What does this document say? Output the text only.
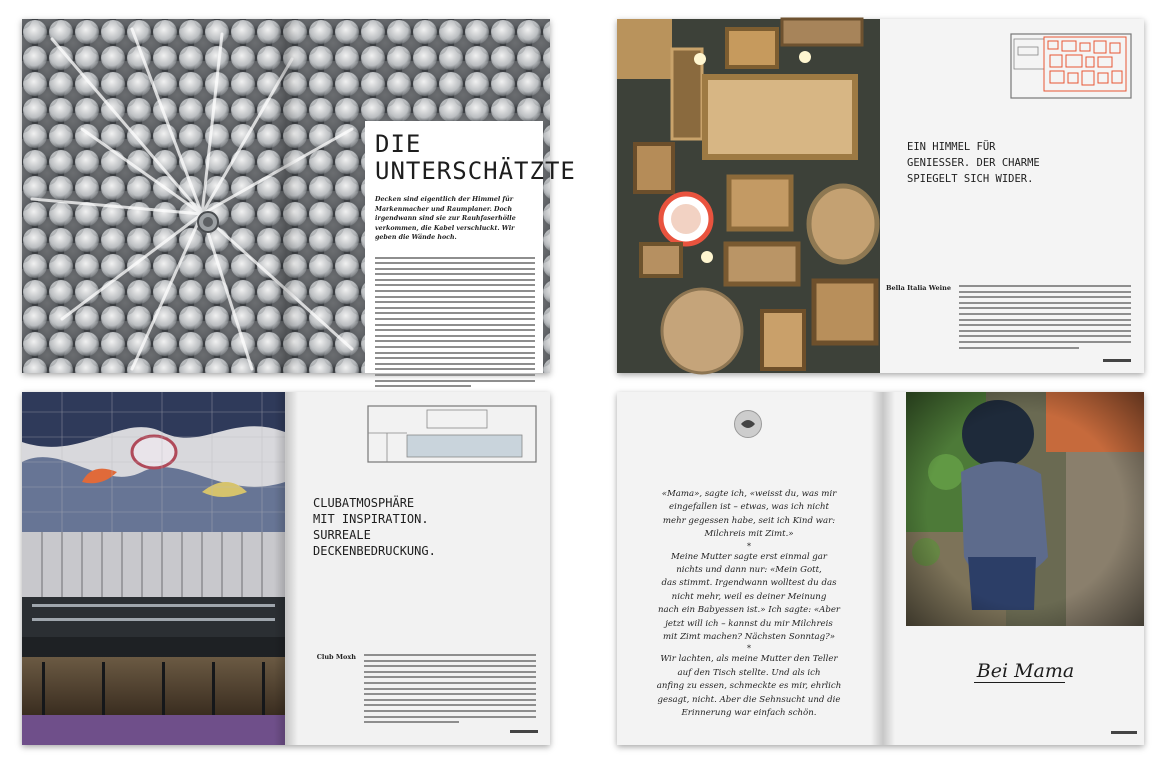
DIE
UNTERSCHÄTZTE
Decken sind eigentlich der Himmel für Markenmacher und Raumplaner. Doch irgendwann sind sie zur Rauhfaserhölle verkommen, die Kabel verschluckt. Wir geben die Wände hoch.
EIN HIMMEL FÜR
GENIESSER. DER CHARME
SPIEGELT SICH WIDER.
Bella Italia Weine
CLUBATMOSPHÄRE
MIT INSPIRATION.
SURREALE
DECKENBEDRUCKUNG.
Club Moxh

«Mama», sagte ich, «weisst du, was mir

eingefallen ist – etwas, was ich nicht

mehr gegessen habe, seit ich Kind war:

Milchreis mit Zimt.»

*

Meine Mutter sagte erst einmal gar

nichts und dann nur: «Mein Gott,

das stimmt. Irgendwann wolltest du das

nicht mehr, weil es deiner Meinung

nach ein Babyessen ist.» Ich sagte: «Aber

jetzt will ich – kannst du mir Milchreis

mit Zimt machen? Nächsten Sonntag?»

*

Wir lachten, als meine Mutter den Teller

auf den Tisch stellte. Und als ich

anfing zu essen, schmeckte es mir, ehrlich

gesagt, nicht. Aber die Sehnsucht und die

Erinnerung war einfach schön.

Bei Mama
